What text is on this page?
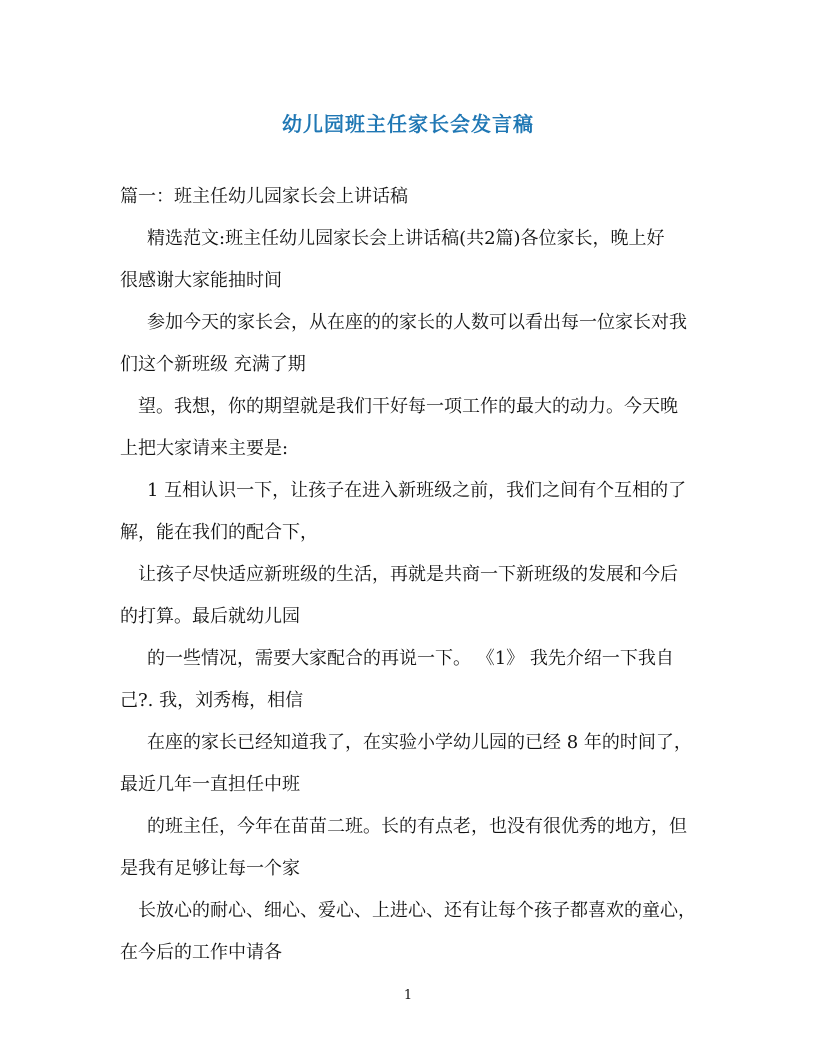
幼儿园班主任家长会发言稿
篇一：班主任幼儿园家长会上讲话稿
精选范文:班主任幼儿园家长会上讲话稿(共2篇)各位家长，晚上好
很感谢大家能抽时间
参加今天的家长会，从在座的的家长的人数可以看出每一位家长对我
们这个新班级 充满了期
望。我想，你的期望就是我们干好每一项工作的最大的动力。今天晚
上把大家请来主要是:
1 互相认识一下，让孩子在进入新班级之前，我们之间有个互相的了
解，能在我们的配合下，
让孩子尽快适应新班级的生活，再就是共商一下新班级的发展和今后
的打算。最后就幼儿园
的一些情况，需要大家配合的再说一下。 《1》 我先介绍一下我自
己?. 我，刘秀梅，相信
在座的家长已经知道我了，在实验小学幼儿园的已经 8 年的时间了，
最近几年一直担任中班
的班主任，今年在苗苗二班。长的有点老，也没有很优秀的地方，但
是我有足够让每一个家
长放心的耐心、细心、爱心、上进心、还有让每个孩子都喜欢的童心，
在今后的工作中请各
1
